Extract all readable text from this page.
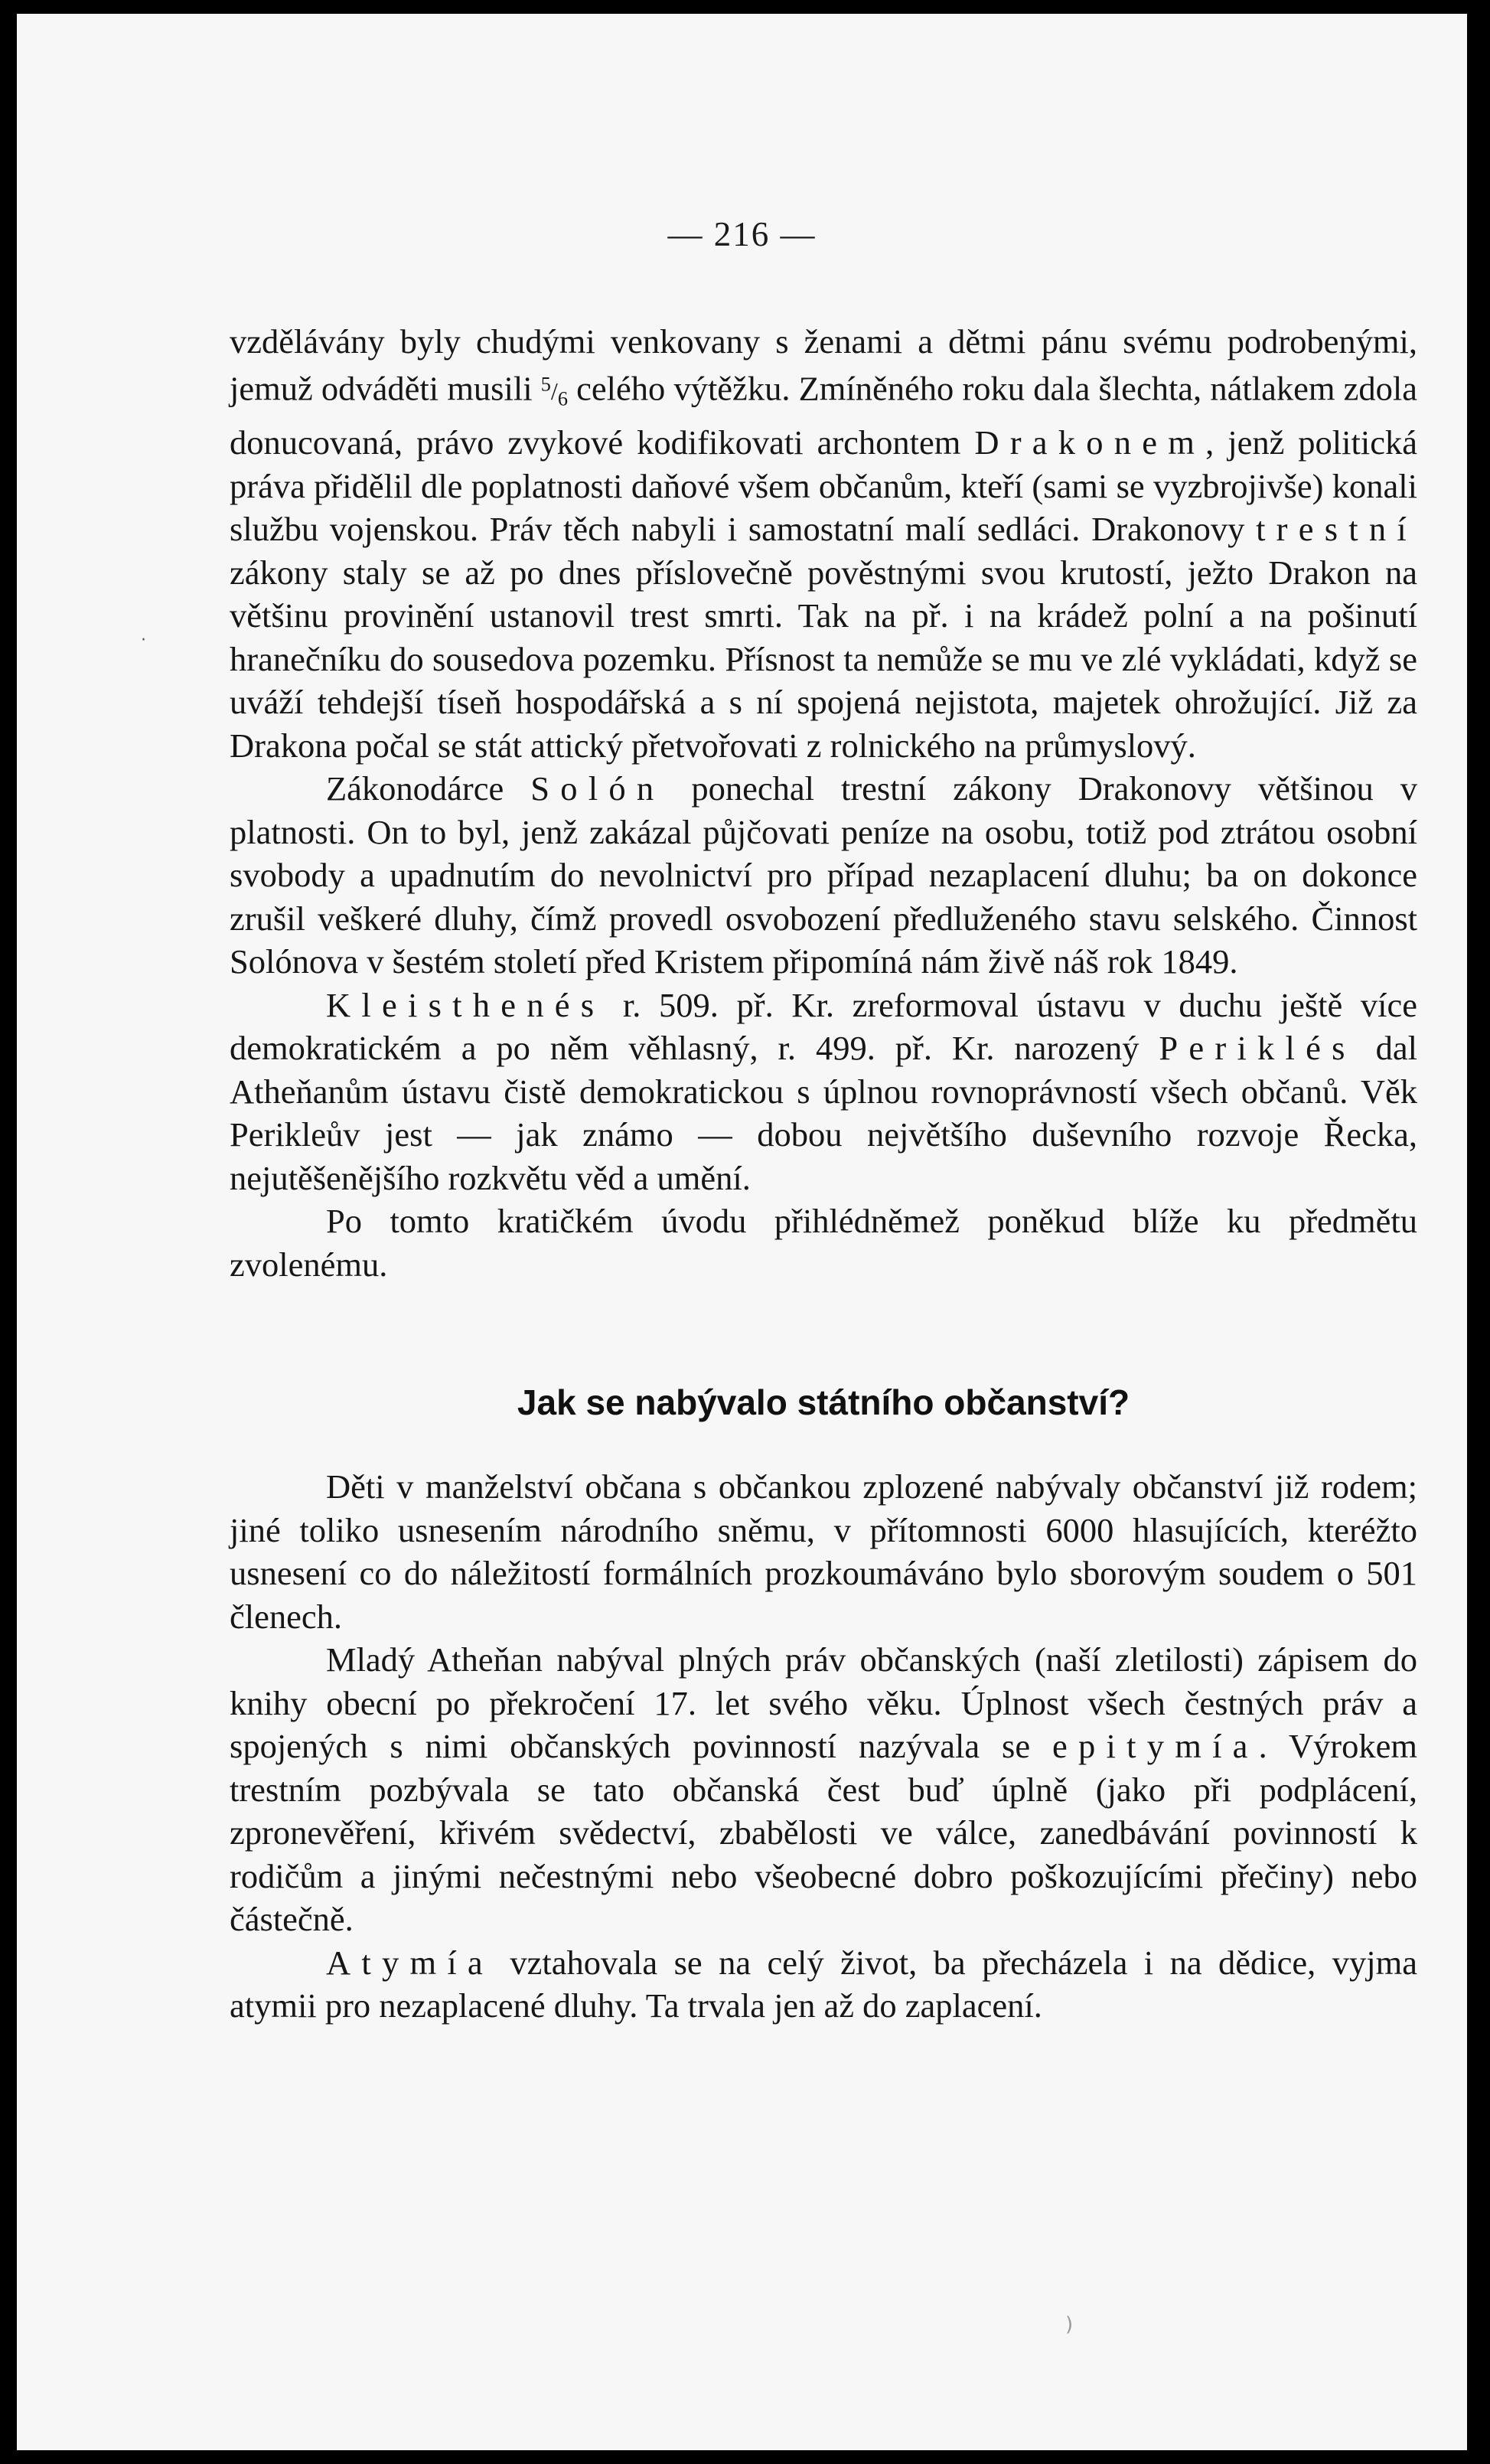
— 216 —

vzdělávány byly chudými venkovany s ženami a dětmi pánu svému podrobenými, jemuž odváděti musili $^5/_6$ celého výtěžku. Zmíněného roku dala šlechta, nátlakem zdola donucovaná, právo zvykové kodifikovati archontem Drakonem, jenž politická práva přidělil dle poplatnosti daňové všem občanům, kteří (sami se vyzbrojivše) konali službu vojenskou. Práv těch nabyli i samostatní malí sedláci. Drakonovy trestní zákony staly se až po dnes příslovečně pověstnými svou krutostí, ježto Drakon na většinu provinění ustanovil trest smrti. Tak na př. i na krádež polní a na pošinutí hranečníku do sousedova pozemku. Přísnost ta nemůže se mu ve zlé vykládati, když se uváží tehdejší tíseň hospodářská a s ní spojená nejistota, majetek ohrožující. Již za Drakona počal se stát attický přetvořovati z rolnického na průmyslový.

Zákonodárce Solón ponechal trestní zákony Drakonovy většinou v platnosti. On to byl, jenž zakázal půjčovati peníze na osobu, totiž pod ztrátou osobní svobody a upadnutím do nevolnictví pro případ nezaplacení dluhu; ba on dokonce zrušil veškeré dluhy, čímž provedl osvobození předluženého stavu selského. Činnost Solónova v šestém století před Kristem připomíná nám živě náš rok 1849.

Kleisthenés r. 509. př. Kr. zreformoval ústavu v duchu ještě více demokratickém a po něm věhlasný, r. 499. př. Kr. narozený Periklés dal Atheňanům ústavu čistě demokratickou s úplnou rovnoprávností všech občanů. Věk Perikleův jest — jak známo — dobou největšího duševního rozvoje Řecka, nejutěšenějšího rozkvětu věd a umění.

Po tomto kratičkém úvodu přihlédněmež poněkud blíže ku předmětu zvolenému.

Jak se nabývalo státního občanství?

Děti v manželství občana s občankou zplozené nabývaly občanství již rodem; jiné toliko usnesením národního sněmu, v přítomnosti 6000 hlasujících, kteréžto usnesení co do náležitostí formálních prozkoumáváno bylo sborovým soudem o 501 členech.

Mladý Atheňan nabýval plných práv občanských (naší zletilosti) zápisem do knihy obecní po překročení 17. let svého věku. Úplnost všech čestných práv a spojených s nimi občanských povinností nazývala se epitymía. Výrokem trestním pozbývala se tato občanská čest buď úplně (jako při podplácení, zpronevěření, křivém svědectví, zbabělosti ve válce, zanedbávání povinností k rodičům a jinými nečestnými nebo všeobecné dobro poškozujícími přečiny) nebo částečně.

Atymía vztahovala se na celý život, ba přecházela i na dědice, vyjma atymii pro nezaplacené dluhy. Ta trvala jen až do zaplacení.

·
)
